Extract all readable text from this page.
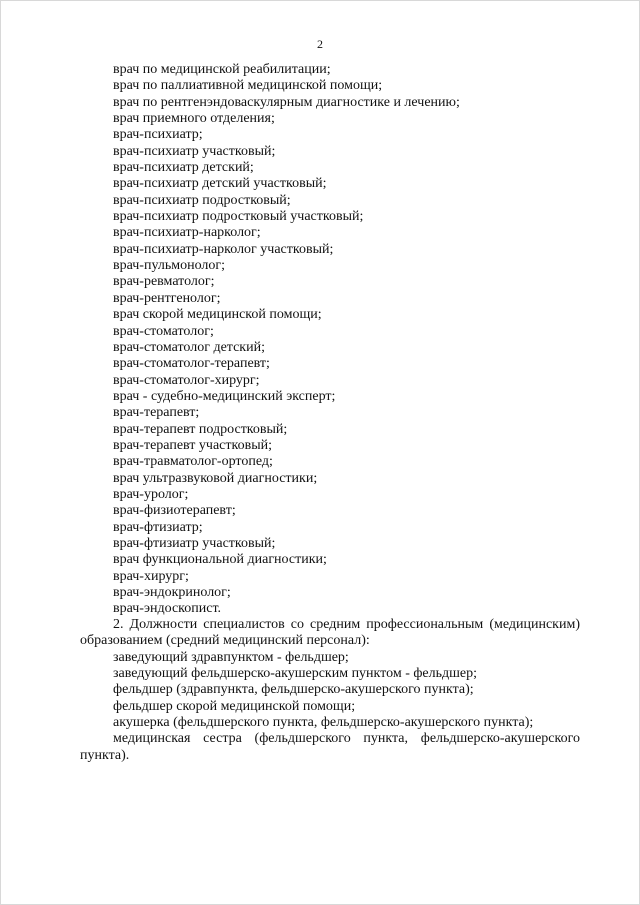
2
врач по медицинской реабилитации;
врач по паллиативной медицинской помощи;
врач по рентгенэндоваскулярным диагностике и лечению;
врач приемного отделения;
врач-психиатр;
врач-психиатр участковый;
врач-психиатр детский;
врач-психиатр детский участковый;
врач-психиатр подростковый;
врач-психиатр подростковый участковый;
врач-психиатр-нарколог;
врач-психиатр-нарколог участковый;
врач-пульмонолог;
врач-ревматолог;
врач-рентгенолог;
врач скорой медицинской помощи;
врач-стоматолог;
врач-стоматолог детский;
врач-стоматолог-терапевт;
врач-стоматолог-хирург;
врач - судебно-медицинский эксперт;
врач-терапевт;
врач-терапевт подростковый;
врач-терапевт участковый;
врач-травматолог-ортопед;
врач ультразвуковой диагностики;
врач-уролог;
врач-физиотерапевт;
врач-фтизиатр;
врач-фтизиатр участковый;
врач функциональной диагностики;
врач-хирург;
врач-эндокринолог;
врач-эндоскопист.

2. Должности специалистов со средним профессиональным (медицинским) образованием (средний медицинский персонал):

заведующий здравпунктом - фельдшер;
заведующий фельдшерско-акушерским пунктом - фельдшер;
фельдшер (здравпункта, фельдшерско-акушерского пункта);
фельдшер скорой медицинской помощи;
акушерка (фельдшерского пункта, фельдшерско-акушерского пункта);

медицинская сестра (фельдшерского пункта, фельдшерско-акушерского пункта).
